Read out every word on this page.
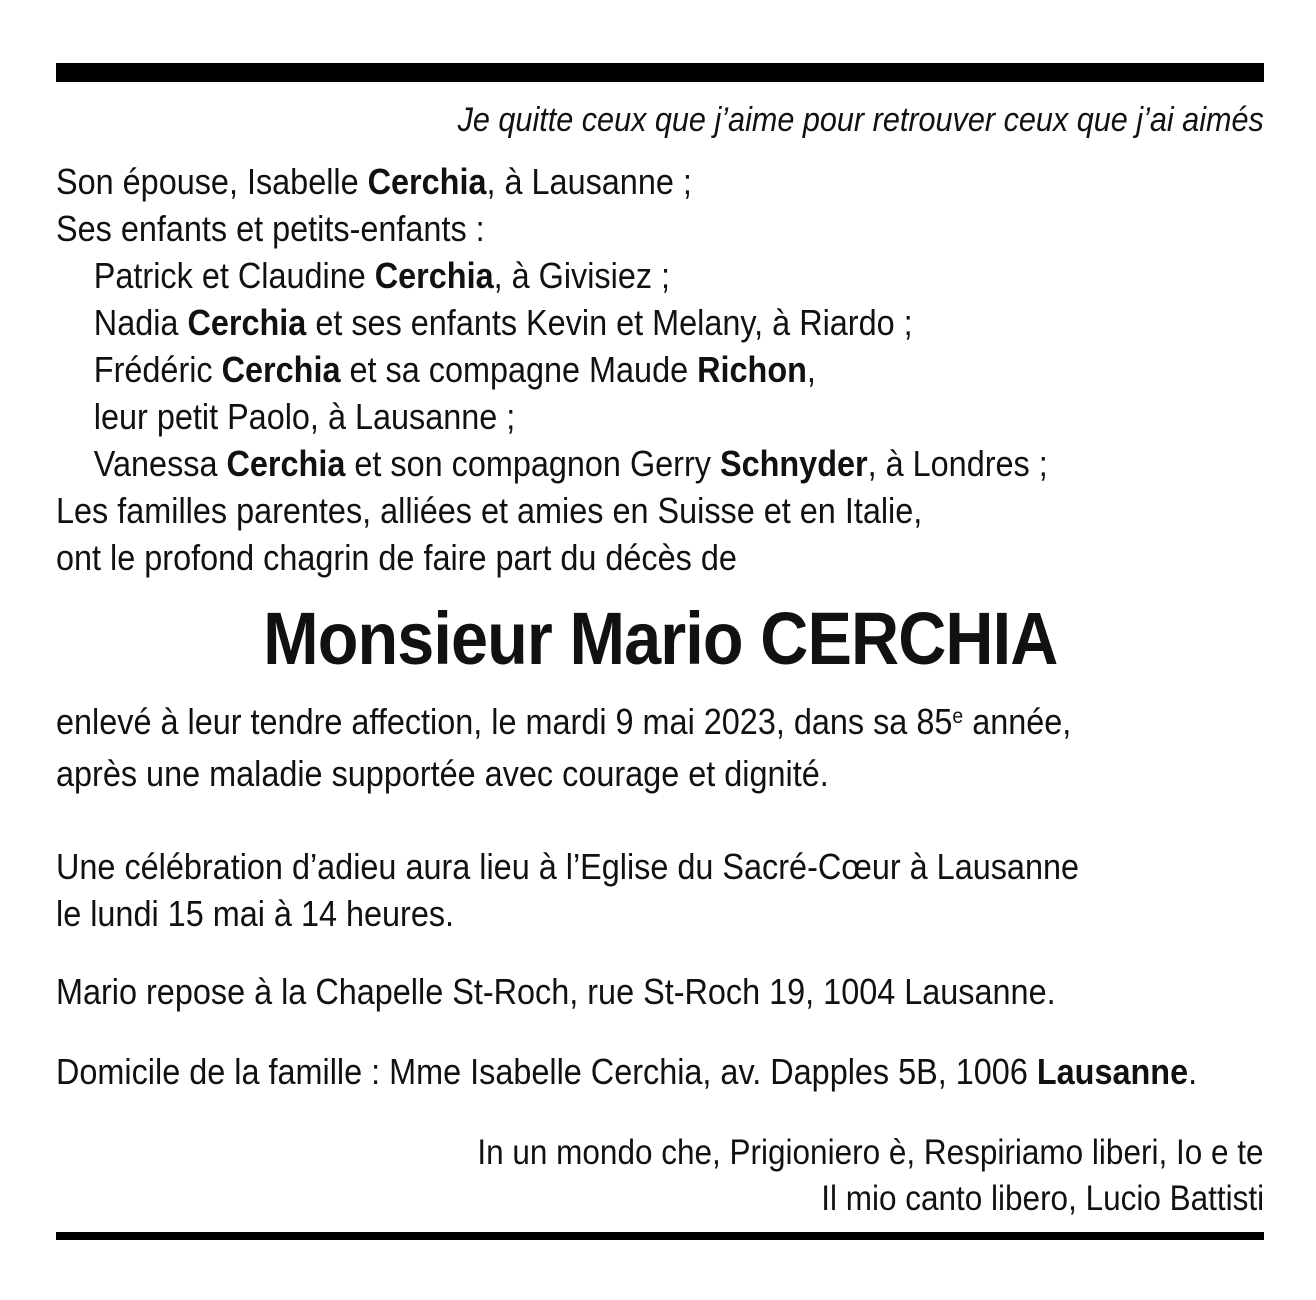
Je quitte ceux que j’aime pour retrouver ceux que j’ai aimés
Son épouse, Isabelle Cerchia, à Lausanne ;
Ses enfants et petits-enfants :
Patrick et Claudine Cerchia, à Givisiez ;
Nadia Cerchia et ses enfants Kevin et Melany, à Riardo ;
Frédéric Cerchia et sa compagne Maude Richon,
leur petit Paolo, à Lausanne ;
Vanessa Cerchia et son compagnon Gerry Schnyder, à Londres ;
Les familles parentes, alliées et amies en Suisse et en Italie,
ont le profond chagrin de faire part du décès de
Monsieur Mario CERCHIA
enlevé à leur tendre affection, le mardi 9 mai 2023, dans sa 85e année,
après une maladie supportée avec courage et dignité.
Une célébration d’adieu aura lieu à l’Eglise du Sacré-Cœur à Lausanne
le lundi 15 mai à 14 heures.
Mario repose à la Chapelle St-Roch, rue St-Roch 19, 1004 Lausanne.
Domicile de la famille : Mme Isabelle Cerchia, av. Dapples 5B, 1006 Lausanne.
In un mondo che, Prigioniero è, Respiriamo liberi, Io e te
Il mio canto libero, Lucio Battisti
